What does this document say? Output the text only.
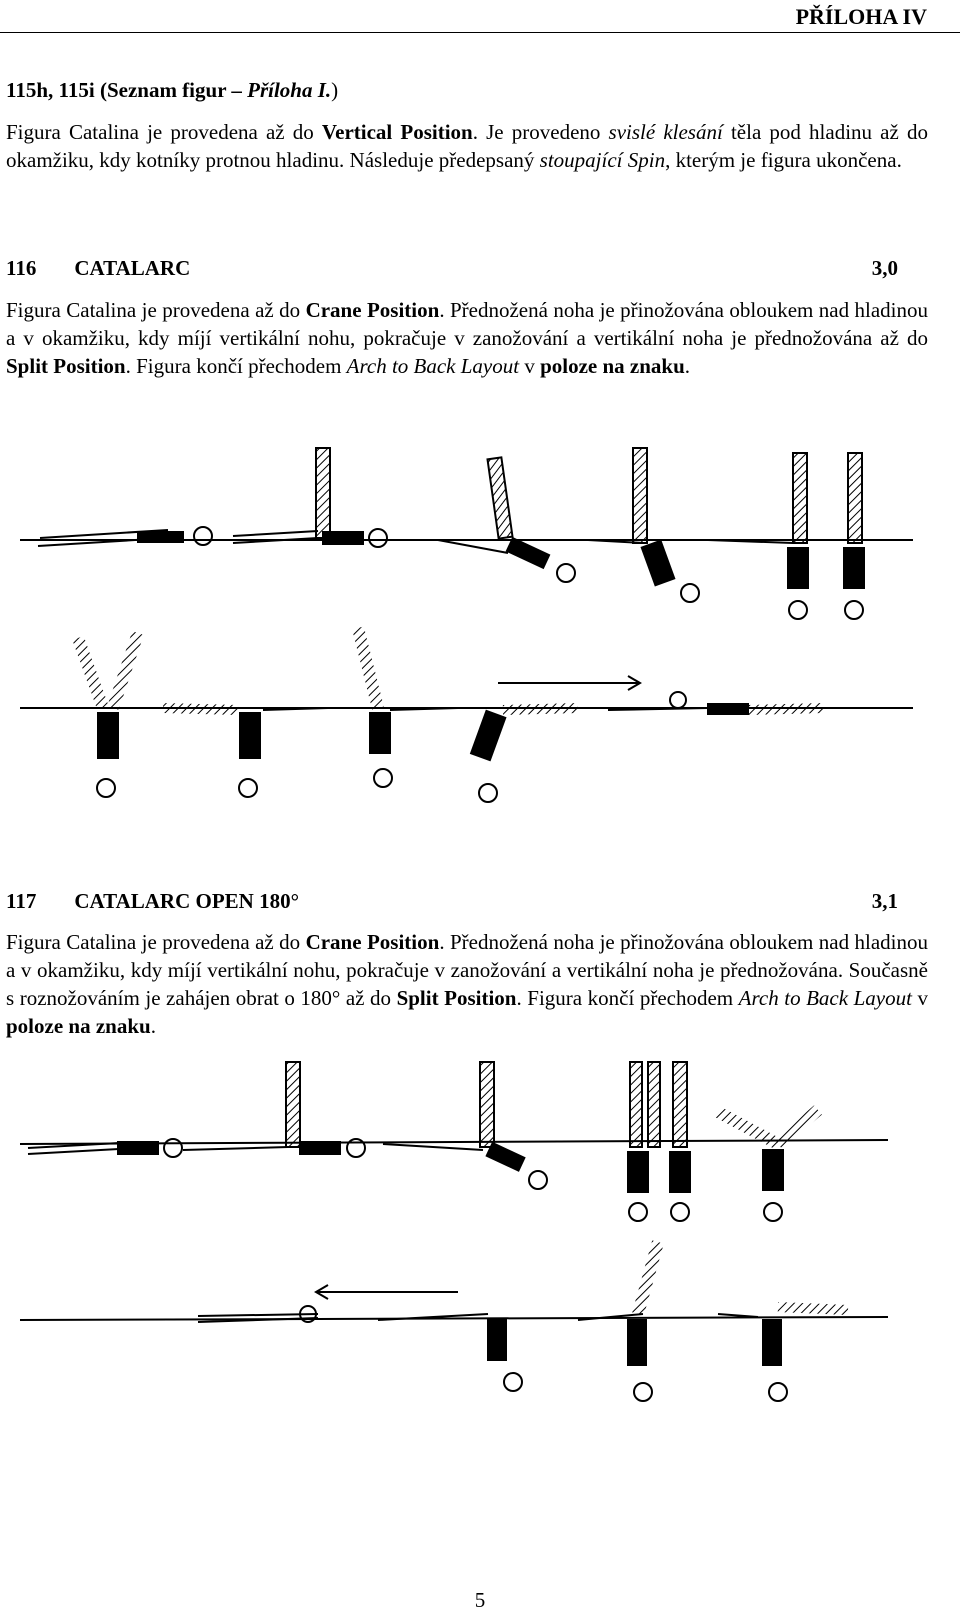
PŘÍLOHA IV
115h, 115i (Seznam figur – Příloha I.)
Figura Catalina je provedena až do Vertical Position. Je provedeno svislé klesání těla pod hladinu až do okamžiku, kdy kotníky protnou hladinu. Následuje předepsaný stoupající Spin, kterým je figura ukončena.
116 CATALARC	3,0
Figura Catalina je provedena až do Crane Position. Přednožená noha je přinožována obloukem nad hladinou a v okamžiku, kdy míjí vertikální nohu, pokračuje v zanožování a vertikální noha je přednožována až do Split Position. Figura končí přechodem Arch to Back Layout v poloze na znaku.
117 CATALARC OPEN 180°	3,1
Figura Catalina je provedena až do Crane Position. Přednožená noha je přinožována obloukem nad hladinou a v okamžiku, kdy míjí vertikální nohu, pokračuje v zanožování a vertikální noha je přednožována. Současně s roznožováním je zahájen obrat o 180° až do Split Position. Figura končí přechodem Arch to Back Layout v poloze na znaku.
5
